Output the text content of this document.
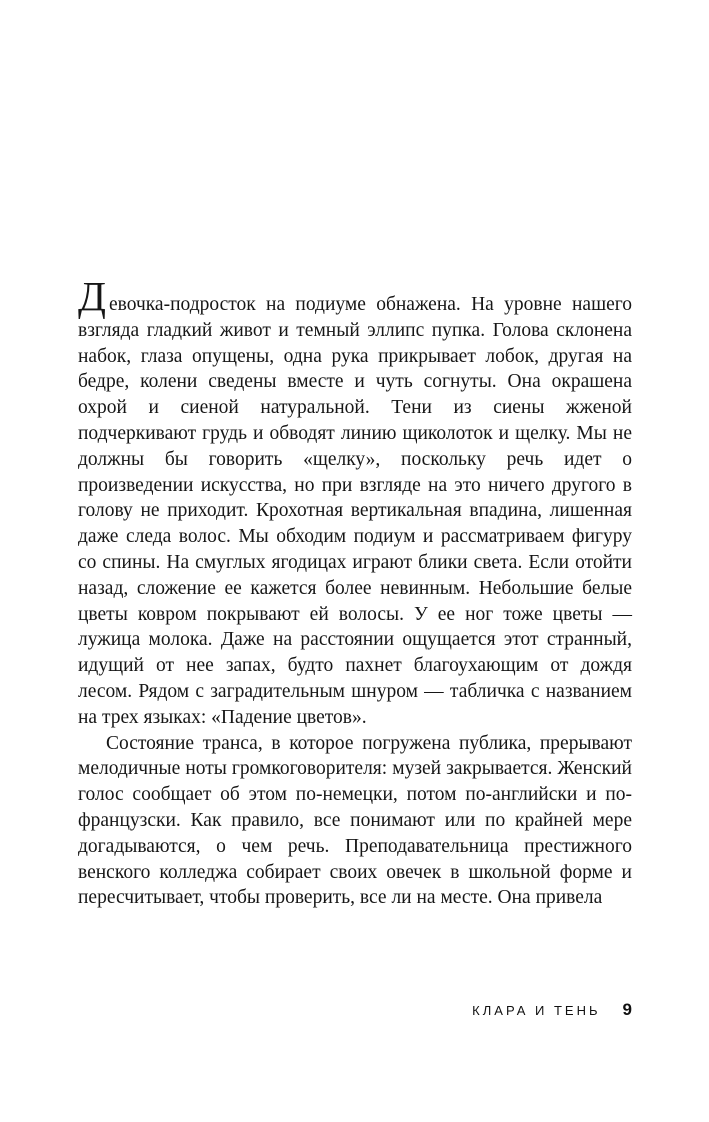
Девочка-подросток на подиуме обнажена. На уровне нашего взгляда гладкий живот и темный эллипс пупка. Голова склонена набок, глаза опущены, одна рука прикрывает лобок, другая на бедре, колени сведены вместе и чуть согнуты. Она окрашена охрой и сиеной натуральной. Тени из сиены жженой подчеркивают грудь и обводят линию щиколоток и щелку. Мы не должны бы говорить «щелку», поскольку речь идет о произведении искусства, но при взгляде на это ничего другого в голову не приходит. Крохотная вертикальная впадина, лишенная даже следа волос. Мы обходим подиум и рассматриваем фигуру со спины. На смуглых ягодицах играют блики света. Если отойти назад, сложение ее кажется более невинным. Небольшие белые цветы ковром покрывают ей волосы. У ее ног тоже цветы — лужица молока. Даже на расстоянии ощущается этот странный, идущий от нее запах, будто пахнет благоухающим от дождя лесом. Рядом с заградительным шнуром — табличка с названием на трех языках: «Падение цветов».

Состояние транса, в которое погружена публика, прерывают мелодичные ноты громкоговорителя: музей закрывается. Женский голос сообщает об этом по-немецки, потом по-английски и по-французски. Как правило, все понимают или по крайней мере догадываются, о чем речь. Преподавательница престижного венского колледжа собирает своих овечек в школьной форме и пересчитывает, чтобы проверить, все ли на месте. Она привела

КЛАРА И ТЕНЬ 9
